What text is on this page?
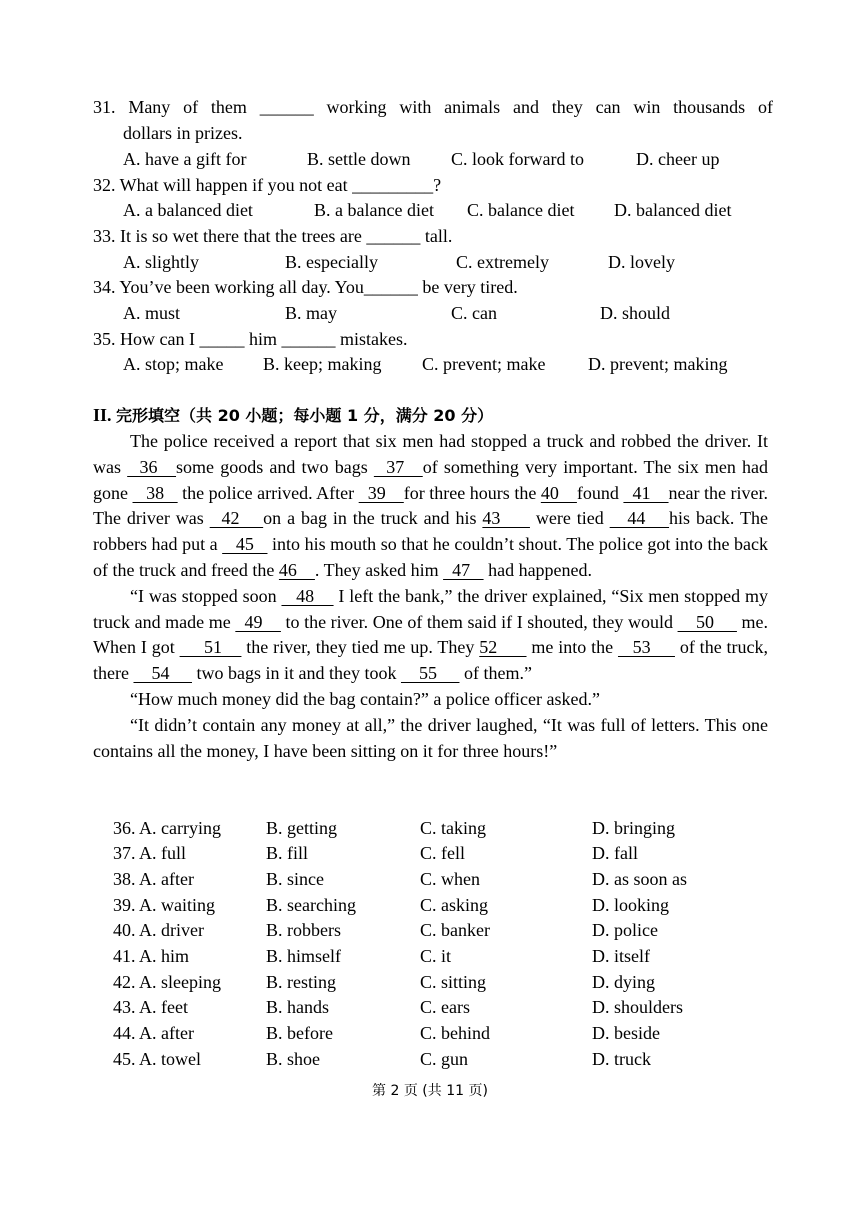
31. Many of them ______ working with animals and they can win thousands of
dollars in prizes.
A. have a gift for	B. settle down C. look forward to	D. cheer up
32. What will happen if you not eat _________?
A. a balanced diet	B. a balance diet C. balance diet D. balanced diet
33. It is so wet there that the trees are ______ tall.
A. slightly	B. especially	C. extremely	D. lovely
34. You’ve been working all day. You______ be very tired.
A. must	B. may	C. can	D. should
35. How can I _____ him ______ mistakes.
A. stop; make B. keep; making C. prevent; make D. prevent; making
II. 完形填空（共 20 小题；每小题 1 分，满分 20 分）

The police received a report that six men had stopped a truck and robbed the driver. It was   36   some goods and two bags   37   of something very important. The six men had gone    38    the police arrived. After   39    for three hours the 40    found   41    near the river. The driver was   42    on a bag in the truck and his 43      were tied    44    his back. The robbers had put a    45    into his mouth so that he couldn’t shout. The police got into the back of the truck and freed the 46    . They asked him   47    had happened.

“I was stopped soon    48     I left the bank,” the driver explained, “Six men stopped my truck and made me   49     to the river. One of them said if I shouted, they would     50      me. When I got      51     the river, they tied me up. They 52       me into the    53      of the truck, there     54      two bags in it and they took     55      of them.”

“How much money did the bag contain?” a police officer asked.”

“It didn’t contain any money at all,” the driver laughed, “It was full of letters. This one contains all the money, I have been sitting on it for three hours!”

36. A. carrying	B. getting	C. taking	D. bringing
37. A. full	B. fill	C. fell	D. fall
38. A. after	B. since	C. when	D. as soon as
39. A. waiting	B. searching	C. asking	D. looking
40. A. driver	B. robbers	C. banker	D. police
41. A. him	B. himself	C. it	D. itself
42. A. sleeping	B. resting	C. sitting	D. dying
43. A. feet	B. hands	C. ears	D. shoulders
44. A. after	B. before	C. behind	D. beside
45. A. towel	B. shoe	C. gun	D. truck
第 2 页 (共 11 页)
